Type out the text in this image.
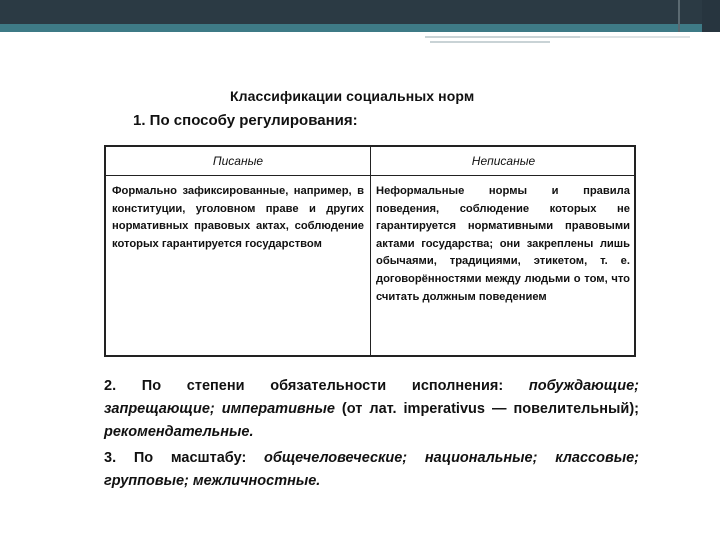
Классификации социальных норм
1. По способу регулирования:
Писаные	Неписаные
Формально зафиксированные, например, в конституции, уголовном праве и других нормативных правовых актах, соблюдение которых гарантируется государством
Неформальные нормы и правила поведения, соблюдение которых не гарантируется нормативными правовыми актами государства; они закреплены лишь обычаями, традициями, этикетом, т. е. договорённостями между людьми о том, что считать должным поведением
2. По степени обязательности исполнения: побуждающие; запрещающие; императивные (от лат. imperativus — повелительный); рекомендательные.
3. По масштабу: общечеловеческие; национальные; классовые; групповые; межличностные.
